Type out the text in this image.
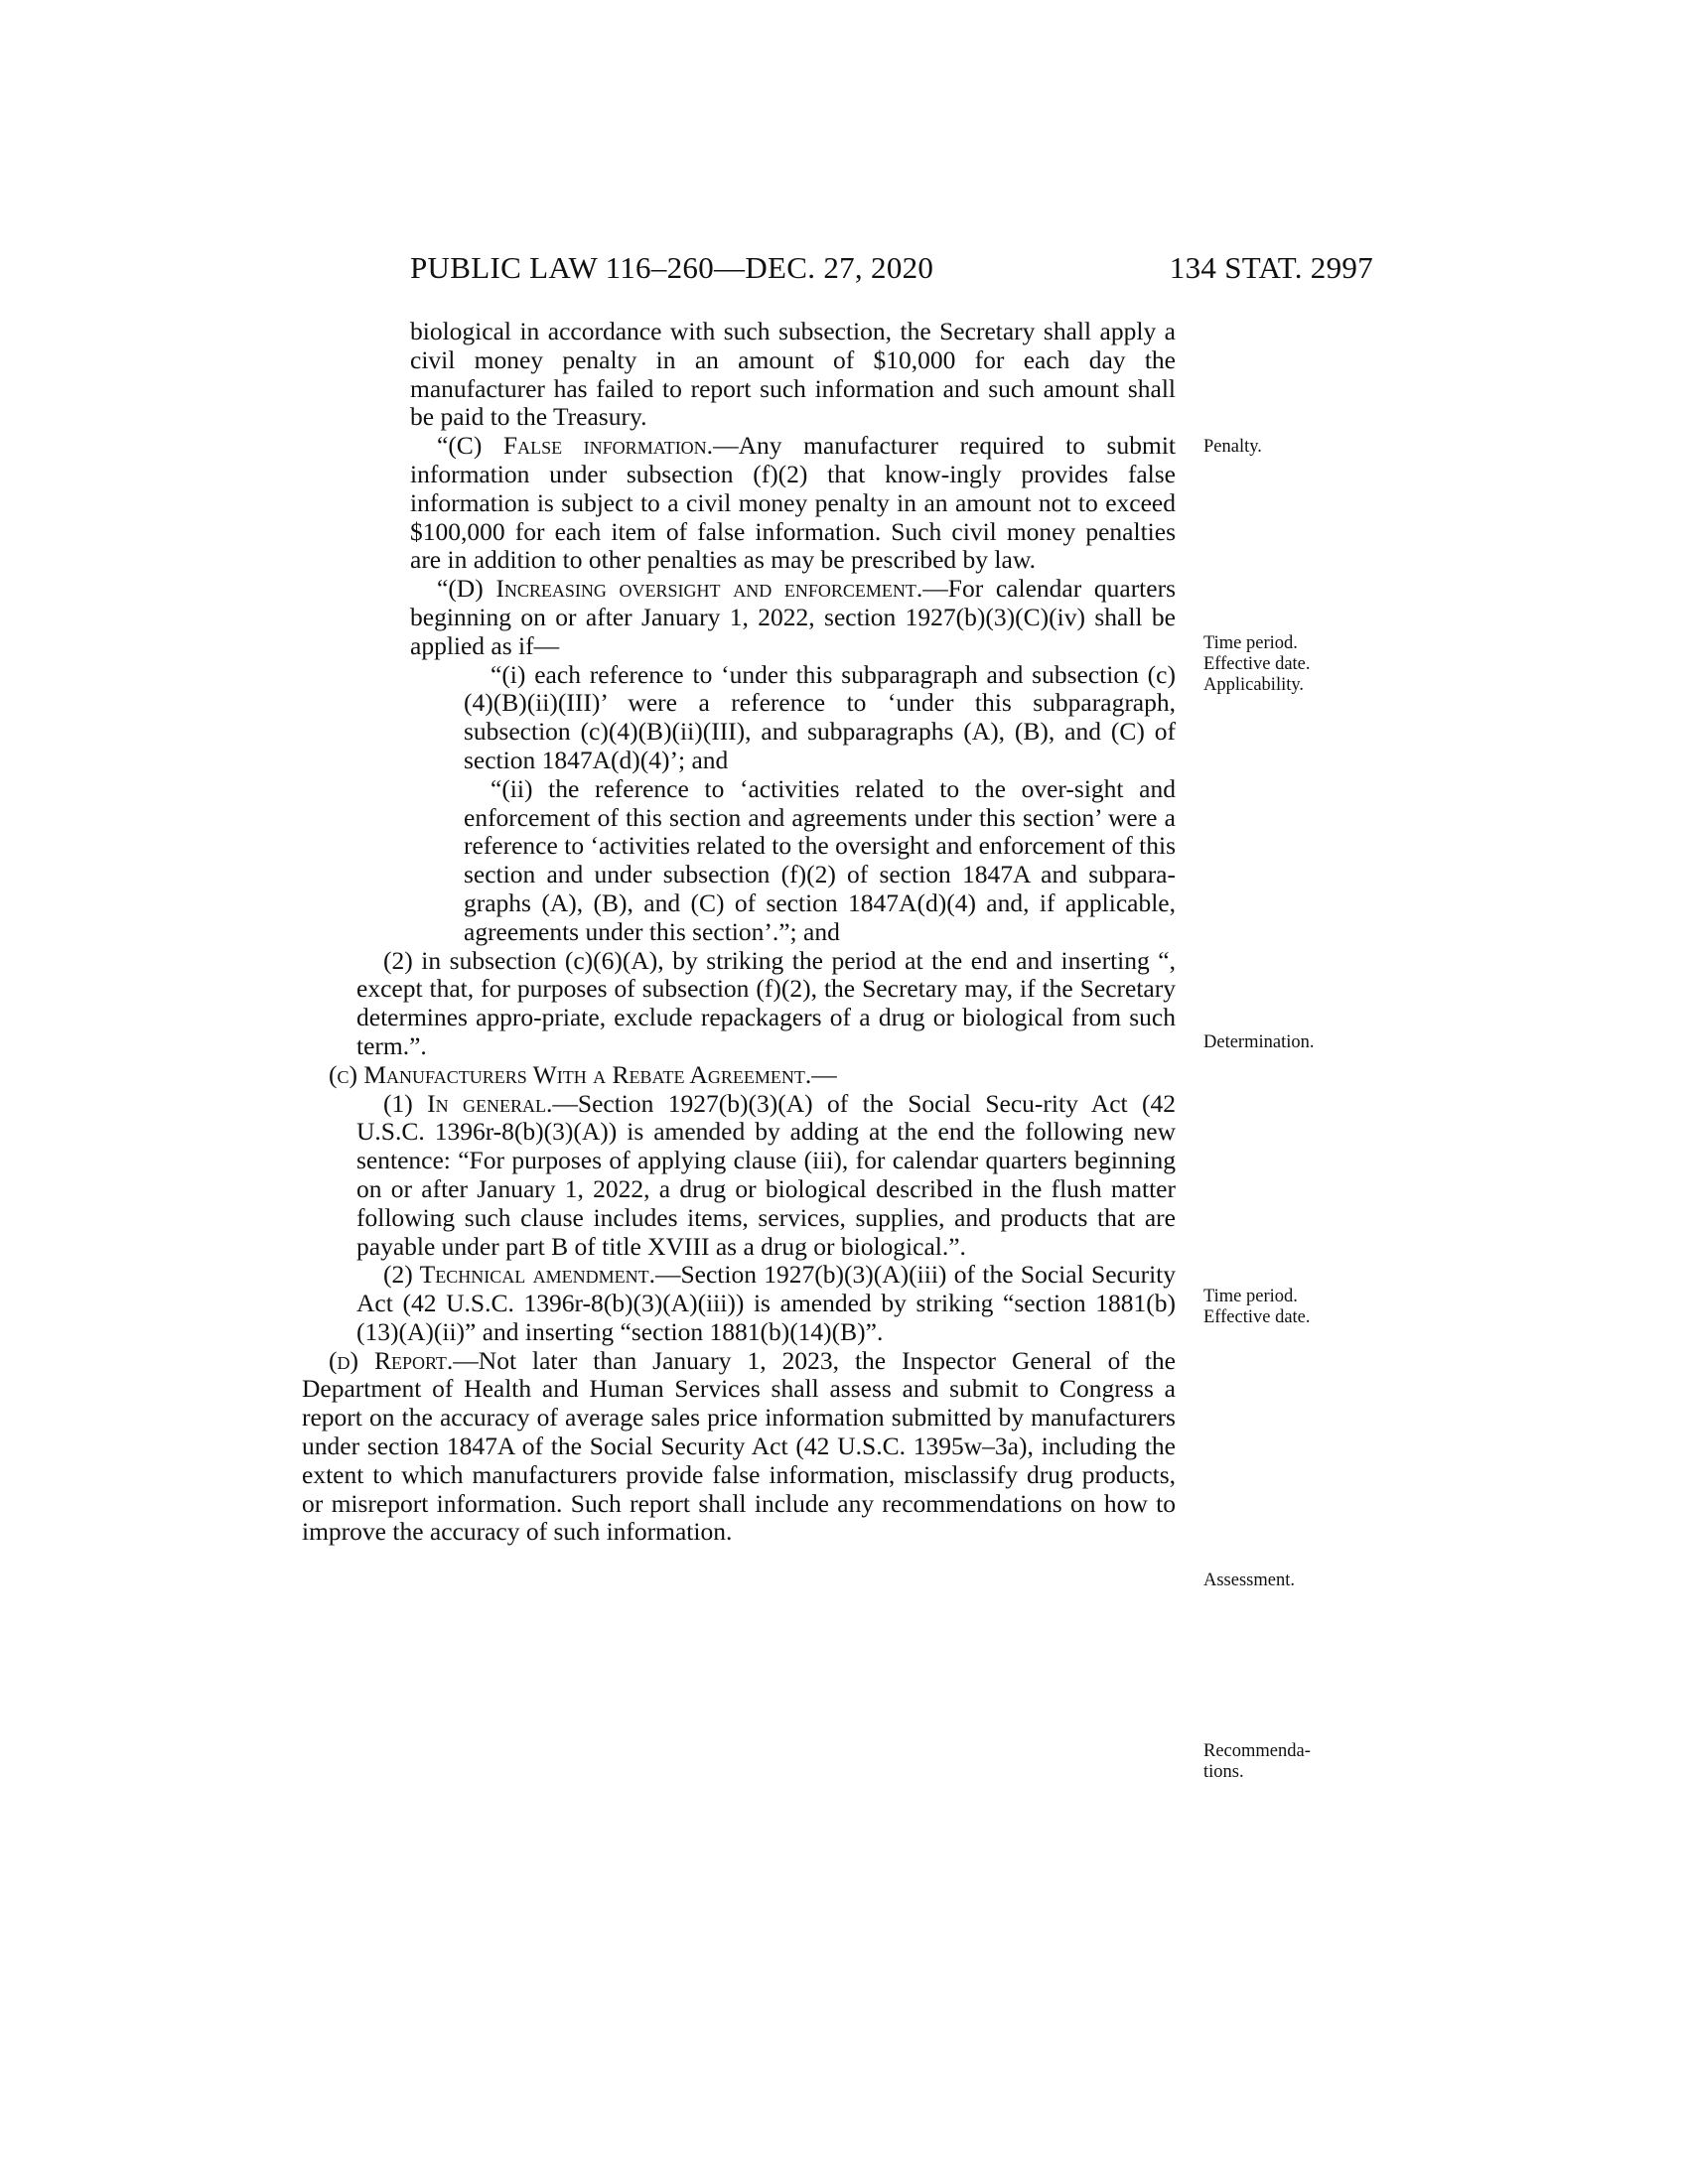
PUBLIC LAW 116–260—DEC. 27, 2020	134 STAT. 2997

biological in accordance with such subsection, the Secretary shall apply a civil money penalty in an amount of $10,000 for each day the manufacturer has failed to report such information and such amount shall be paid to the Treasury.

“(C) False information.—Any manufacturer required to submit information under subsection (f)(2) that know-ingly provides false information is subject to a civil money penalty in an amount not to exceed $100,000 for each item of false information. Such civil money penalties are in addition to other penalties as may be prescribed by law.

“(D) Increasing oversight and enforcement.—For calendar quarters beginning on or after January 1, 2022, section 1927(b)(3)(C)(iv) shall be applied as if—

“(i) each reference to ‘under this subparagraph and subsection (c)(4)(B)(ii)(III)’ were a reference to ‘under this subparagraph, subsection (c)(4)(B)(ii)(III), and subparagraphs (A), (B), and (C) of section 1847A(d)(4)’; and

“(ii) the reference to ‘activities related to the over-sight and enforcement of this section and agreements under this section’ were a reference to ‘activities related to the oversight and enforcement of this section and under subsection (f)(2) of section 1847A and subpara-graphs (A), (B), and (C) of section 1847A(d)(4) and, if applicable, agreements under this section’.”; and

(2) in subsection (c)(6)(A), by striking the period at the end and inserting “, except that, for purposes of subsection (f)(2), the Secretary may, if the Secretary determines appro-priate, exclude repackagers of a drug or biological from such term.”.

(c) Manufacturers With a Rebate Agreement.—

(1) In general.—Section 1927(b)(3)(A) of the Social Secu-rity Act (42 U.S.C. 1396r-8(b)(3)(A)) is amended by adding at the end the following new sentence: “For purposes of applying clause (iii), for calendar quarters beginning on or after January 1, 2022, a drug or biological described in the flush matter following such clause includes items, services, supplies, and products that are payable under part B of title XVIII as a drug or biological.”.

(2) Technical amendment.—Section 1927(b)(3)(A)(iii) of the Social Security Act (42 U.S.C. 1396r-8(b)(3)(A)(iii)) is amended by striking “section 1881(b)(13)(A)(ii)” and inserting “section 1881(b)(14)(B)”.

(d) Report.—Not later than January 1, 2023, the Inspector General of the Department of Health and Human Services shall assess and submit to Congress a report on the accuracy of average sales price information submitted by manufacturers under section 1847A of the Social Security Act (42 U.S.C. 1395w–3a), including the extent to which manufacturers provide false information, misclassify drug products, or misreport information. Such report shall include any recommendations on how to improve the accuracy of such information.

Penalty.
Time period.
Effective date.
Applicability.
Determination.
Time period.
Effective date.
Assessment.
Recommenda-
tions.
